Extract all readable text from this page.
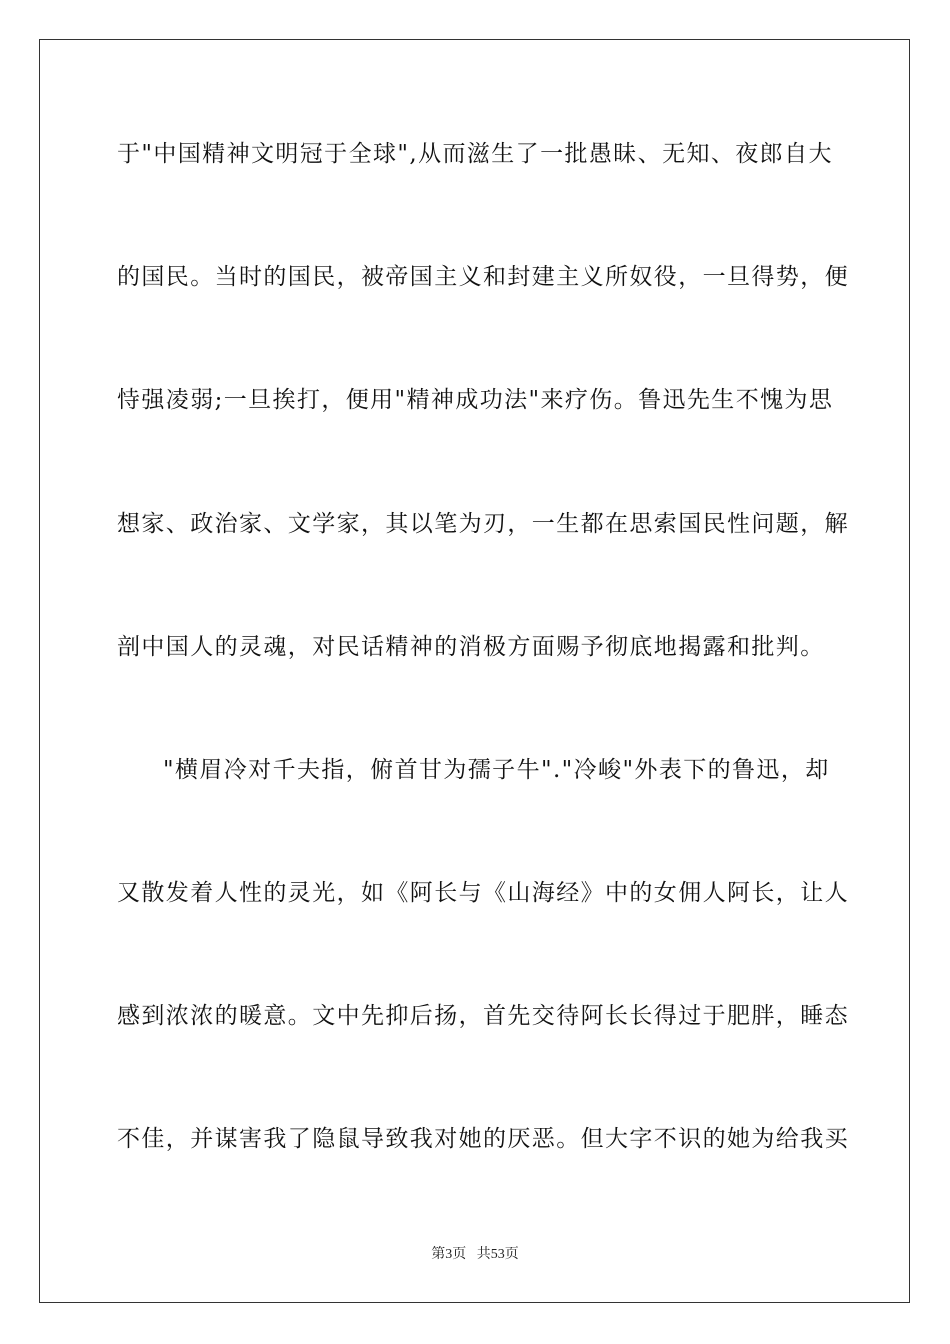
于"中国精神文明冠于全球",从而滋生了一批愚昧、无知、夜郎自大
的国民。当时的国民，被帝国主义和封建主义所奴役，一旦得势，便
恃强凌弱;一旦挨打，便用"精神成功法"来疗伤。鲁迅先生不愧为思
想家、政治家、文学家，其以笔为刃，一生都在思索国民性问题，解
剖中国人的灵魂，对民话精神的消极方面赐予彻底地揭露和批判。
"横眉冷对千夫指，俯首甘为孺子牛"."冷峻"外表下的鲁迅，却
又散发着人性的灵光，如《阿长与《山海经》中的女佣人阿长，让人
感到浓浓的暖意。文中先抑后扬，首先交待阿长长得过于肥胖，睡态
不佳，并谋害我了隐鼠导致我对她的厌恶。但大字不识的她为给我买
第3页   共53页
